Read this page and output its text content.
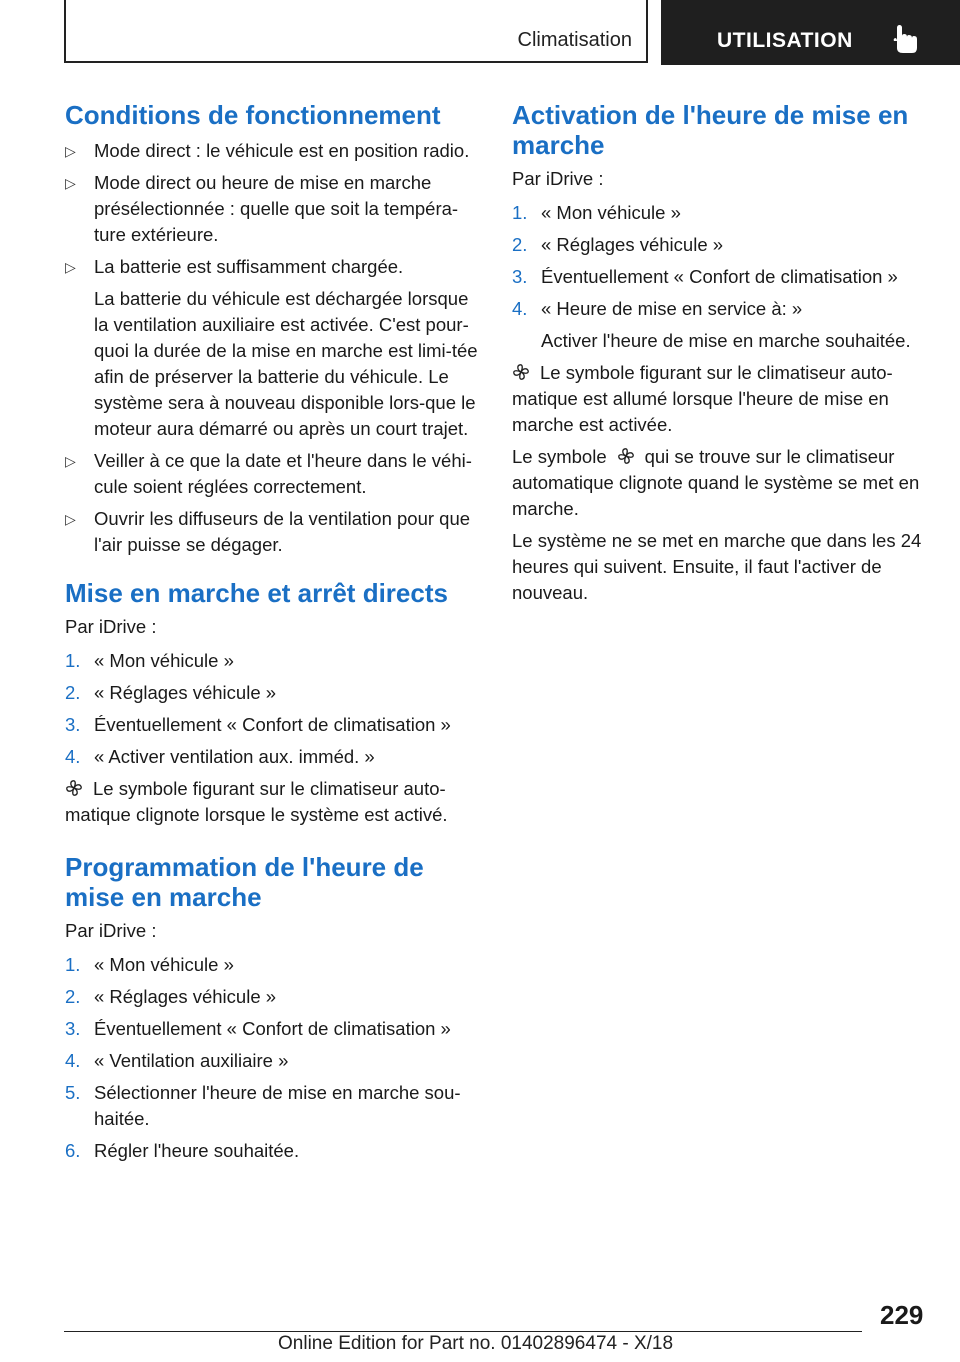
Climatisation	UTILISATION
Conditions de fonctionnement
▷ Mode direct : le véhicule est en position radio.
▷ Mode direct ou heure de mise en marche présélectionnée : quelle que soit la tempéra-ture extérieure.
▷ La batterie est suffisamment chargée.
La batterie du véhicule est déchargée lorsque la ventilation auxiliaire est activée. C'est pour-quoi la durée de la mise en marche est limi-tée afin de préserver la batterie du véhicule. Le système sera à nouveau disponible lors-que le moteur aura démarré ou après un court trajet.
▷ Veiller à ce que la date et l'heure dans le véhi-cule soient réglées correctement.
▷ Ouvrir les diffuseurs de la ventilation pour que l'air puisse se dégager.
Mise en marche et arrêt directs

Par iDrive :

1. « Mon véhicule »
2. « Réglages véhicule »
3. Éventuellement « Confort de climatisation »
4. « Activer ventilation aux. imméd. »

Le symbole figurant sur le climatiseur auto-matique clignote lorsque le système est activé.

Programmation de l'heure de mise en marche

Par iDrive :

1. « Mon véhicule »
2. « Réglages véhicule »
3. Éventuellement « Confort de climatisation »
4. « Ventilation auxiliaire »
5. Sélectionner l'heure de mise en marche sou-haitée.
6. Régler l'heure souhaitée.
Activation de l'heure de mise en marche

Par iDrive :

1. « Mon véhicule »
2. « Réglages véhicule »
3. Éventuellement « Confort de climatisation »
4. « Heure de mise en service à: »
Activer l'heure de mise en marche souhaitée.

Le symbole figurant sur le climatiseur auto-matique est allumé lorsque l'heure de mise en marche est activée.

Le symbole qui se trouve sur le climatiseur automatique clignote quand le système se met en marche.

Le système ne se met en marche que dans les 24 heures qui suivent. Ensuite, il faut l'activer de nouveau.

229
Online Edition for Part no. 01402896474 - X/18
